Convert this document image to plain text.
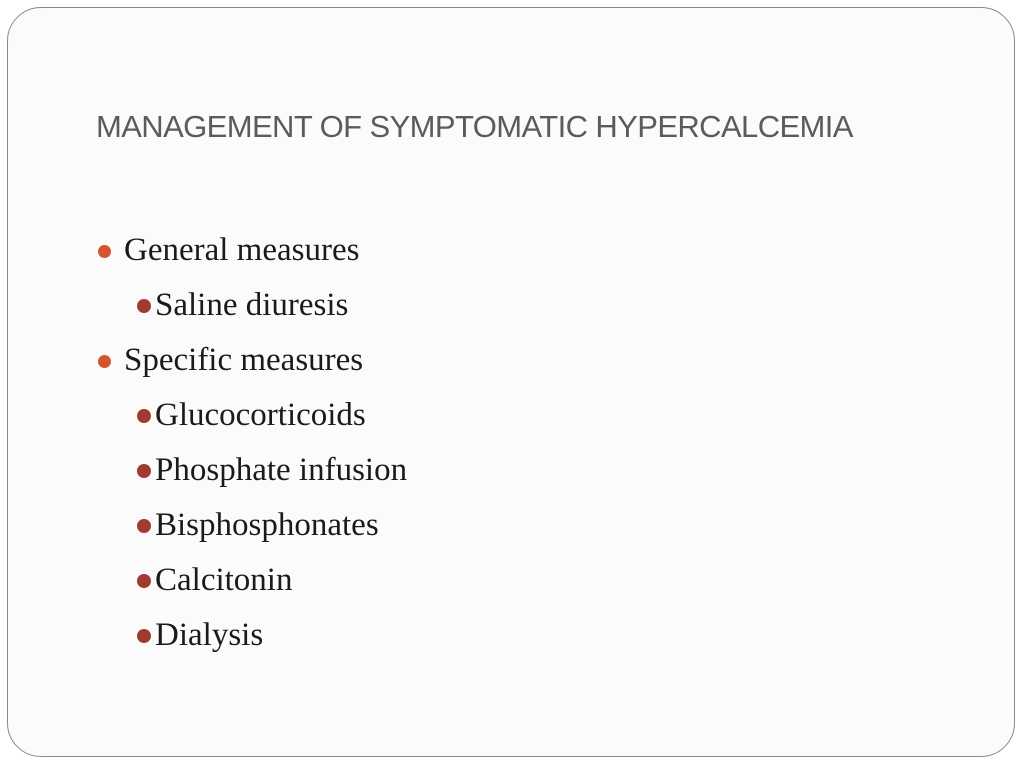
MANAGEMENT OF SYMPTOMATIC HYPERCALCEMIA
General measures
Saline diuresis
Specific measures
Glucocorticoids
Phosphate infusion
Bisphosphonates
Calcitonin
Dialysis
